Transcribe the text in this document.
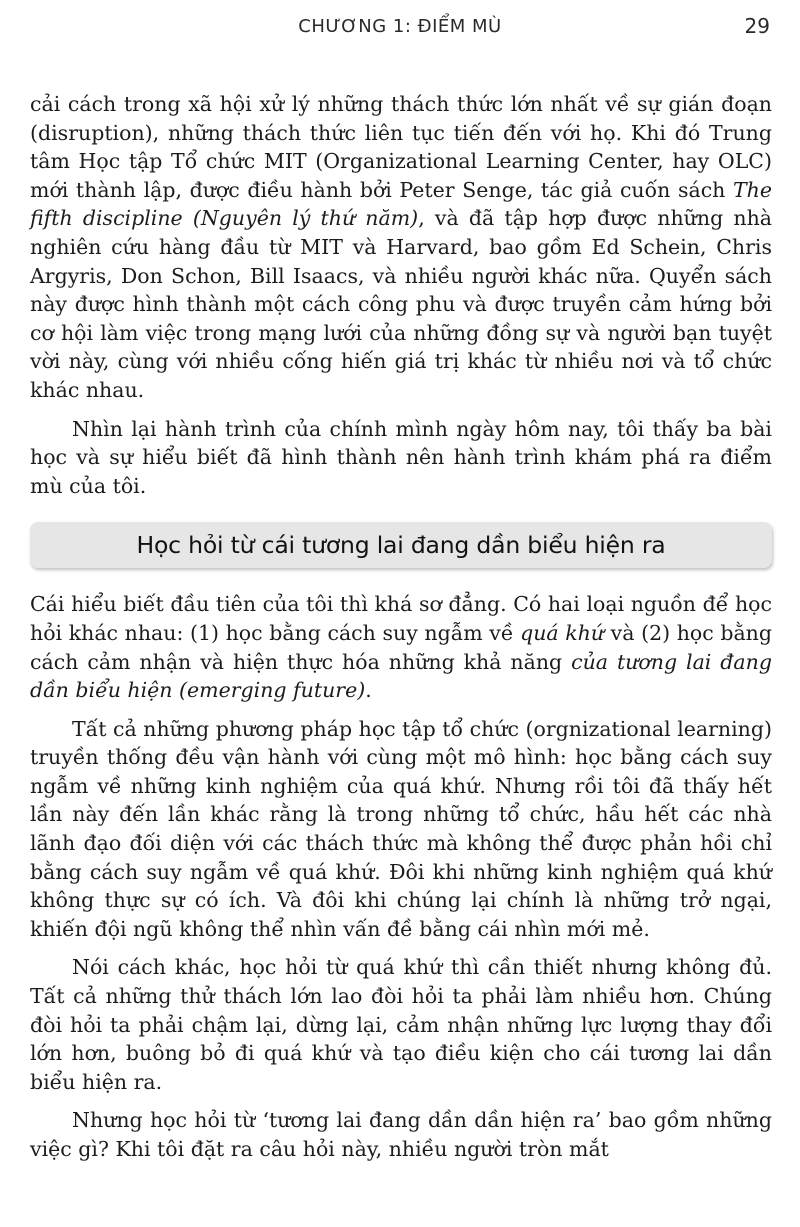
CHƯƠNG 1: ĐIỂM MÙ	29

cải cách trong xã hội xử lý những thách thức lớn nhất về sự gián đoạn (disruption), những thách thức liên tục tiến đến với họ. Khi đó Trung tâm Học tập Tổ chức MIT (Organizational Learning Center, hay OLC) mới thành lập, được điều hành bởi Peter Senge, tác giả cuốn sách The fifth discipline (Nguyên lý thứ năm), và đã tập hợp được những nhà nghiên cứu hàng đầu từ MIT và Harvard, bao gồm Ed Schein, Chris Argyris, Don Schon, Bill Isaacs, và nhiều người khác nữa. Quyển sách này được hình thành một cách công phu và được truyền cảm hứng bởi cơ hội làm việc trong mạng lưới của những đồng sự và người bạn tuyệt vời này, cùng với nhiều cống hiến giá trị khác từ nhiều nơi và tổ chức khác nhau.

Nhìn lại hành trình của chính mình ngày hôm nay, tôi thấy ba bài học và sự hiểu biết đã hình thành nên hành trình khám phá ra điểm mù của tôi.

Học hỏi từ cái tương lai đang dần biểu hiện ra

Cái hiểu biết đầu tiên của tôi thì khá sơ đẳng. Có hai loại nguồn để học hỏi khác nhau: (1) học bằng cách suy ngẫm về quá khứ và (2) học bằng cách cảm nhận và hiện thực hóa những khả năng của tương lai đang dần biểu hiện (emerging future).

Tất cả những phương pháp học tập tổ chức (orgnizational learning) truyền thống đều vận hành với cùng một mô hình: học bằng cách suy ngẫm về những kinh nghiệm của quá khứ. Nhưng rồi tôi đã thấy hết lần này đến lần khác rằng là trong những tổ chức, hầu hết các nhà lãnh đạo đối diện với các thách thức mà không thể được phản hồi chỉ bằng cách suy ngẫm về quá khứ. Đôi khi những kinh nghiệm quá khứ không thực sự có ích. Và đôi khi chúng lại chính là những trở ngại, khiến đội ngũ không thể nhìn vấn đề bằng cái nhìn mới mẻ.

Nói cách khác, học hỏi từ quá khứ thì cần thiết nhưng không đủ. Tất cả những thử thách lớn lao đòi hỏi ta phải làm nhiều hơn. Chúng đòi hỏi ta phải chậm lại, dừng lại, cảm nhận những lực lượng thay đổi lớn hơn, buông bỏ đi quá khứ và tạo điều kiện cho cái tương lai dần biểu hiện ra.

Nhưng học hỏi từ ‘tương lai đang dần dần hiện ra’ bao gồm những việc gì? Khi tôi đặt ra câu hỏi này, nhiều người tròn mắt
